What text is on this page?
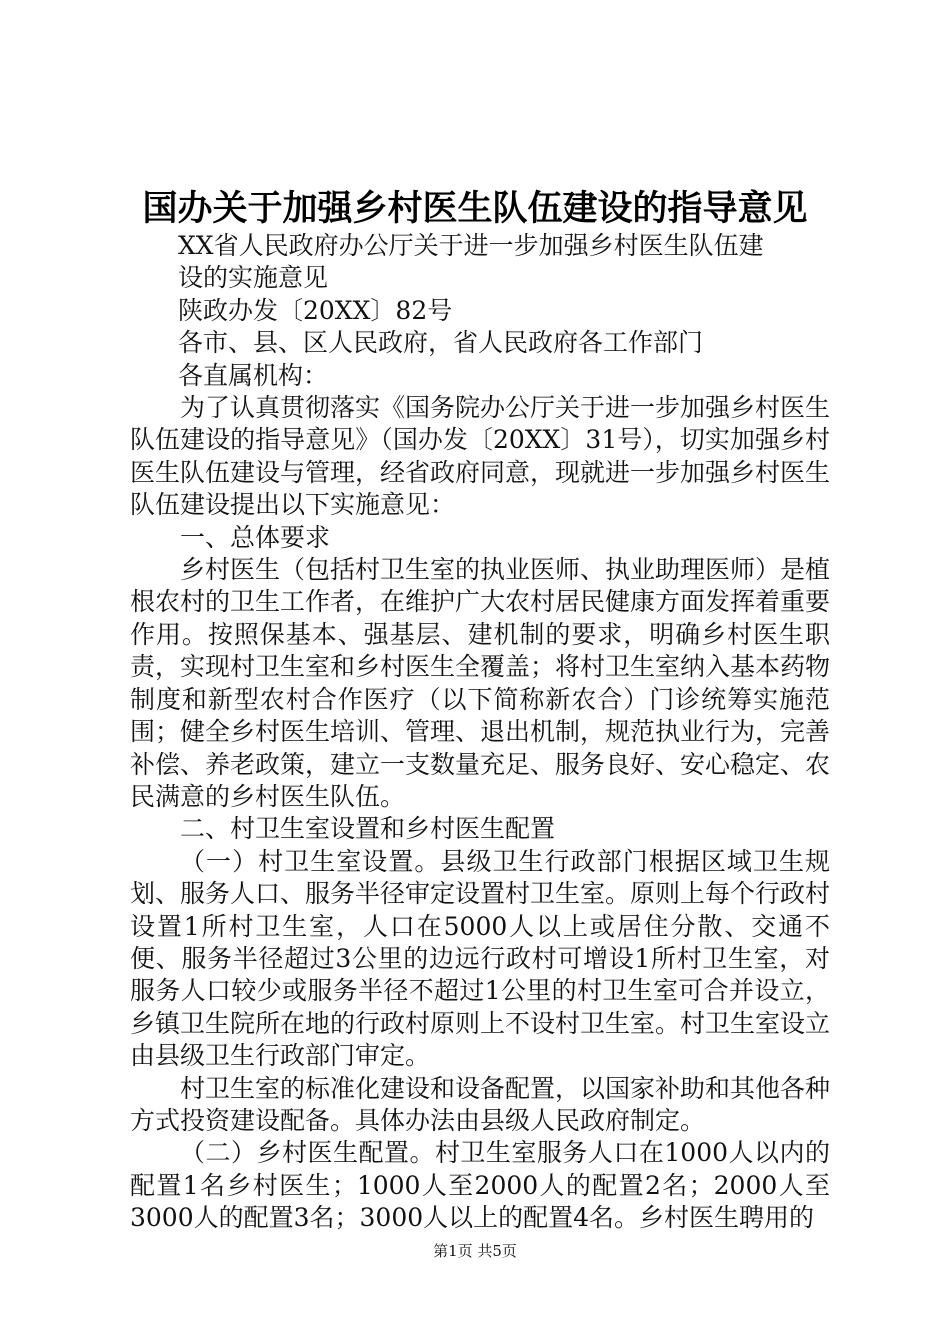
国办关于加强乡村医生队伍建设的指导意见

XX省人民政府办公厅关于进一步加强乡村医生队伍建

设的实施意见

陕政办发〔20XX〕82号

各市、县、区人民政府，省人民政府各工作部门

各直属机构：

为了认真贯彻落实《国务院办公厅关于进一步加强乡村医生队伍建设的指导意见》（国办发〔20XX〕31号），切实加强乡村医生队伍建设与管理，经省政府同意，现就进一步加强乡村医生队伍建设提出以下实施意见：

一、总体要求

乡村医生（包括村卫生室的执业医师、执业助理医师）是植根农村的卫生工作者，在维护广大农村居民健康方面发挥着重要作用。按照保基本、强基层、建机制的要求，明确乡村医生职责，实现村卫生室和乡村医生全覆盖；将村卫生室纳入基本药物制度和新型农村合作医疗（以下简称新农合）门诊统筹实施范围；健全乡村医生培训、管理、退出机制，规范执业行为，完善补偿、养老政策，建立一支数量充足、服务良好、安心稳定、农民满意的乡村医生队伍。

二、村卫生室设置和乡村医生配置

（一）村卫生室设置。县级卫生行政部门根据区域卫生规划、服务人口、服务半径审定设置村卫生室。原则上每个行政村设置1所村卫生室，人口在5000人以上或居住分散、交通不便、服务半径超过3公里的边远行政村可增设1所村卫生室，对服务人口较少或服务半径不超过1公里的村卫生室可合并设立，乡镇卫生院所在地的行政村原则上不设村卫生室。村卫生室设立由县级卫生行政部门审定。

村卫生室的标准化建设和设备配置，以国家补助和其他各种方式投资建设配备。具体办法由县级人民政府制定。

（二）乡村医生配置。村卫生室服务人口在1000人以内的配置1名乡村医生；1000人至2000人的配置2名；2000人至3000人的配置3名；3000人以上的配置4名。乡村医生聘用的

第1页 共5页
